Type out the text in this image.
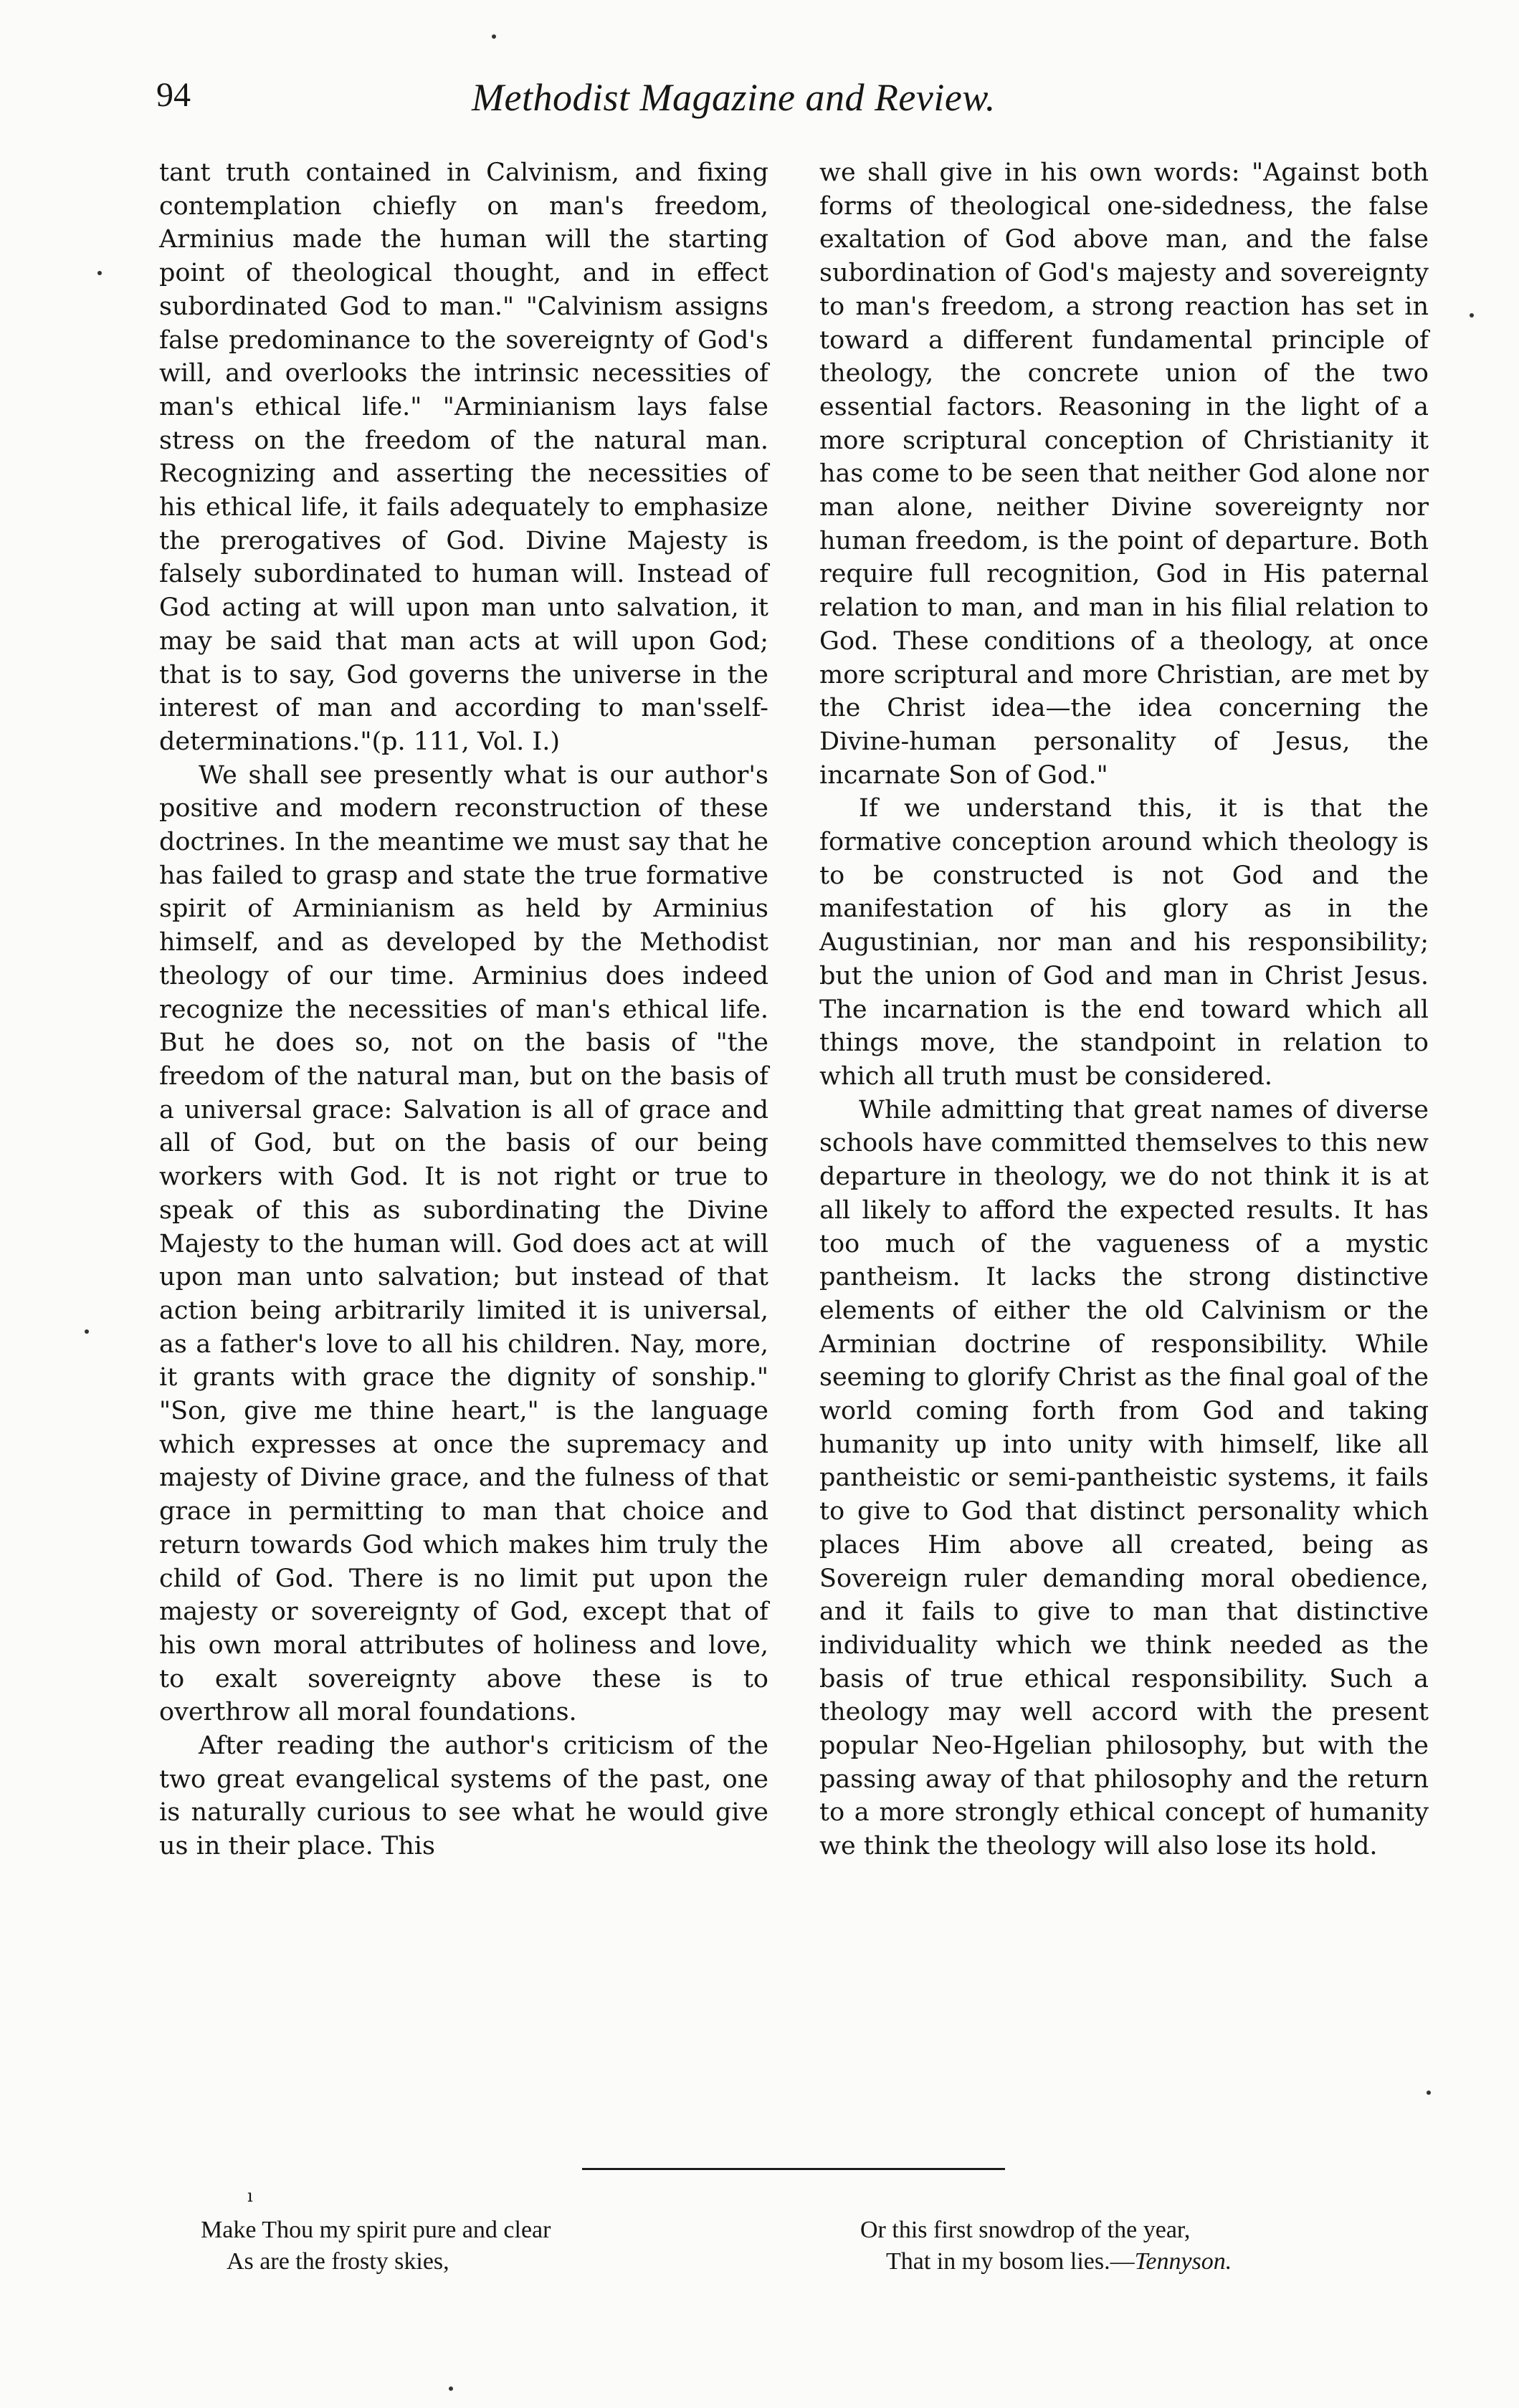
94	Methodist Magazine and Review.

tant truth contained in Calvinism, and fixing contemplation chiefly on man's freedom, Arminius made the human will the starting point of theological thought, and in effect subordinated God to man." "Calvinism assigns false predominance to the sovereignty of God's will, and overlooks the intrinsic necessities of man's ethical life." "Arminianism lays false stress on the freedom of the natural man. Recognizing and asserting the necessities of his ethical life, it fails adequately to emphasize the prerogatives of God. Divine Majesty is falsely subordinated to human will. Instead of God acting at will upon man unto salvation, it may be said that man acts at will upon God; that is to say, God governs the universe in the interest of man and according to man'sself-determinations."(p. 111, Vol. I.)

We shall see presently what is our author's positive and modern reconstruction of these doctrines. In the meantime we must say that he has failed to grasp and state the true formative spirit of Arminianism as held by Arminius himself, and as developed by the Methodist theology of our time. Arminius does indeed recognize the necessities of man's ethical life. But he does so, not on the basis of "the freedom of the natural man, but on the basis of a universal grace: Salvation is all of grace and all of God, but on the basis of our being workers with God. It is not right or true to speak of this as subordinating the Divine Majesty to the human will. God does act at will upon man unto salvation; but instead of that action being arbitrarily limited it is universal, as a father's love to all his children. Nay, more, it grants with grace the dignity of sonship." "Son, give me thine heart," is the language which expresses at once the supremacy and majesty of Divine grace, and the fulness of that grace in permitting to man that choice and return towards God which makes him truly the child of God. There is no limit put upon the majesty or sovereignty of God, except that of his own moral attributes of holiness and love, to exalt sovereignty above these is to overthrow all moral foundations.

After reading the author's criticism of the two great evangelical systems of the past, one is naturally curious to see what he would give us in their place. This

we shall give in his own words: "Against both forms of theological one-sidedness, the false exaltation of God above man, and the false subordination of God's majesty and sovereignty to man's freedom, a strong reaction has set in toward a different fundamental principle of theology, the concrete union of the two essential factors. Reasoning in the light of a more scriptural conception of Christianity it has come to be seen that neither God alone nor man alone, neither Divine sovereignty nor human freedom, is the point of departure. Both require full recognition, God in His paternal relation to man, and man in his filial relation to God. These conditions of a theology, at once more scriptural and more Christian, are met by the Christ idea—the idea concerning the Divine-human personality of Jesus, the incarnate Son of God."

If we understand this, it is that the formative conception around which theology is to be constructed is not God and the manifestation of his glory as in the Augustinian, nor man and his responsibility; but the union of God and man in Christ Jesus. The incarnation is the end toward which all things move, the standpoint in relation to which all truth must be considered.

While admitting that great names of diverse schools have committed themselves to this new departure in theology, we do not think it is at all likely to afford the expected results. It has too much of the vagueness of a mystic pantheism. It lacks the strong distinctive elements of either the old Calvinism or the Arminian doctrine of responsibility. While seeming to glorify Christ as the final goal of the world coming forth from God and taking humanity up into unity with himself, like all pantheistic or semi-pantheistic systems, it fails to give to God that distinct personality which places Him above all created, being as Sovereign ruler demanding moral obedience, and it fails to give to man that distinctive individuality which we think needed as the basis of true ethical responsibility. Such a theology may well accord with the present popular Neo-Hgelian philosophy, but with the passing away of that philosophy and the return to a more strongly ethical concept of humanity we think the theology will also lose its hold.

ı
Make Thou my spirit pure and clear
As are the frosty skies,
Or this first snowdrop of the year,
That in my bosom lies.—Tennyson.
